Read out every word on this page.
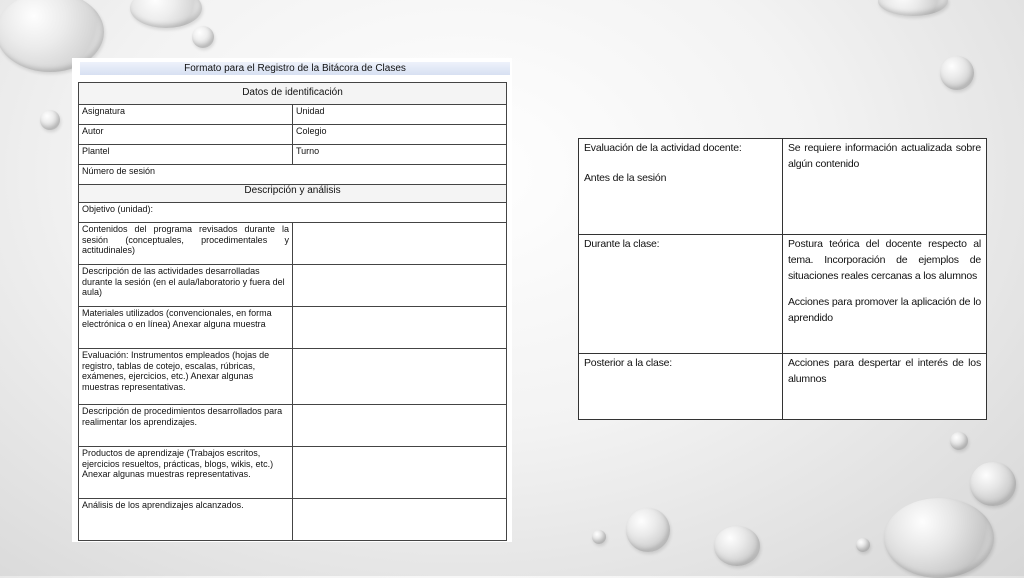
Formato para el Registro de la Bitácora de Clases
Datos de identificación	
Asignatura	Unidad
Autor	Colegio
Plantel	Turno
Número de sesión	
Descripción y análisis	
Objetivo (unidad):	
Contenidos del programa revisados durante la sesión (conceptuales, procedimentales y actitudinales)	
Descripción de las actividades desarrolladas durante la sesión (en el aula/laboratorio y fuera del aula)	
Materiales utilizados (convencionales, en forma electrónica o en línea) Anexar alguna muestra	
Evaluación: Instrumentos empleados (hojas de registro, tablas de cotejo, escalas, rúbricas, exámenes, ejercicios, etc.) Anexar algunas muestras representativas.	
Descripción de procedimientos desarrollados para realimentar los aprendizajes.	
Productos de aprendizaje (Trabajos escritos, ejercicios resueltos, prácticas, blogs, wikis, etc.) Anexar algunas muestras representativas.	
Análisis de los aprendizajes alcanzados.	
Evaluación de la actividad docente:
Antes de la sesión	Se requiere información actualizada sobre algún contenido
Durante la clase:	Postura teórica del docente respecto al tema. Incorporación de ejemplos de situaciones reales cercanas a los alumnos
Acciones para promover la aplicación de lo aprendido

Posterior a la clase:	Acciones para despertar el interés de los alumnos
